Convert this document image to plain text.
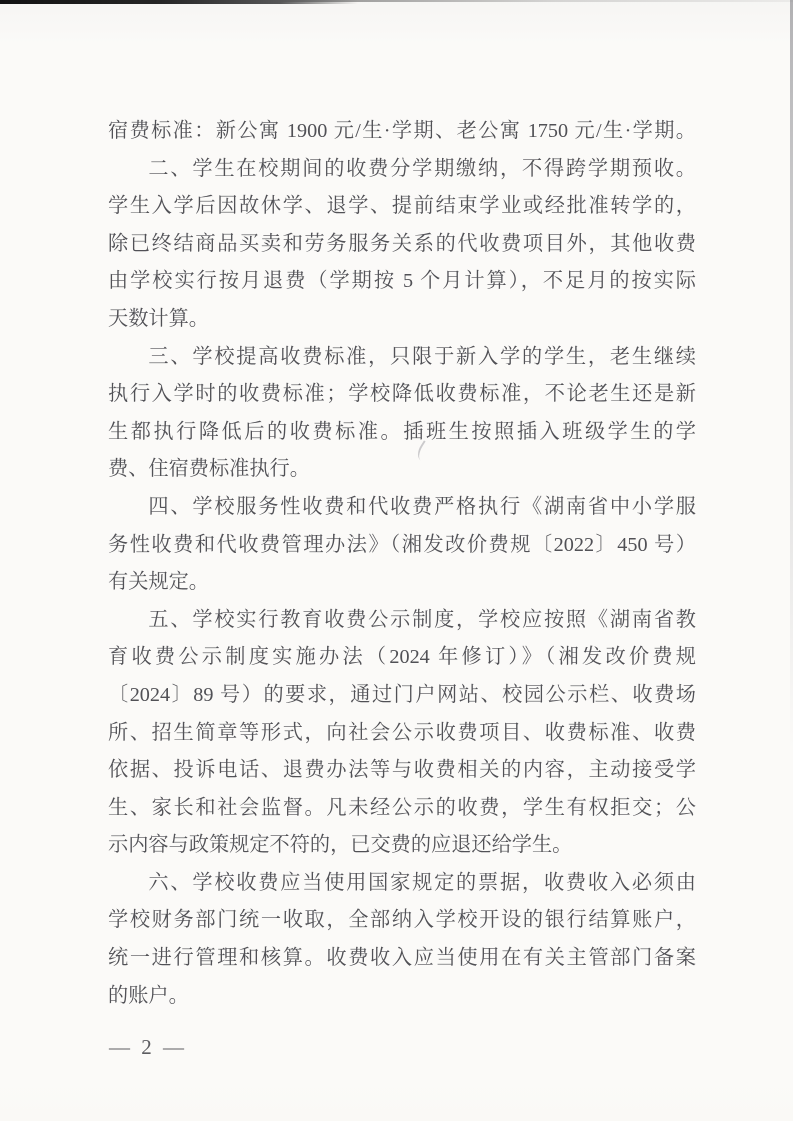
宿费标准：新公寓 1900 元/生·学期、老公寓 1750 元/生·学期。
二、学生在校期间的收费分学期缴纳，不得跨学期预收。
学生入学后因故休学、退学、提前结束学业或经批准转学的，
除已终结商品买卖和劳务服务关系的代收费项目外，其他收费
由学校实行按月退费（学期按 5 个月计算），不足月的按实际
天数计算。
三、学校提高收费标准，只限于新入学的学生，老生继续
执行入学时的收费标准；学校降低收费标准，不论老生还是新
生都执行降低后的收费标准。插班生按照插入班级学生的学
费、住宿费标准执行。
四、学校服务性收费和代收费严格执行《湖南省中小学服
务性收费和代收费管理办法》（湘发改价费规〔2022〕450 号）
有关规定。
五、学校实行教育收费公示制度，学校应按照《湖南省教
育收费公示制度实施办法（2024 年修订）》（湘发改价费规
〔2024〕89 号）的要求，通过门户网站、校园公示栏、收费场
所、招生简章等形式，向社会公示收费项目、收费标准、收费
依据、投诉电话、退费办法等与收费相关的内容，主动接受学
生、家长和社会监督。凡未经公示的收费，学生有权拒交；公
示内容与政策规定不符的，已交费的应退还给学生。
六、学校收费应当使用国家规定的票据，收费收入必须由
学校财务部门统一收取，全部纳入学校开设的银行结算账户，
统一进行管理和核算。收费收入应当使用在有关主管部门备案
的账户。
— 2 —
